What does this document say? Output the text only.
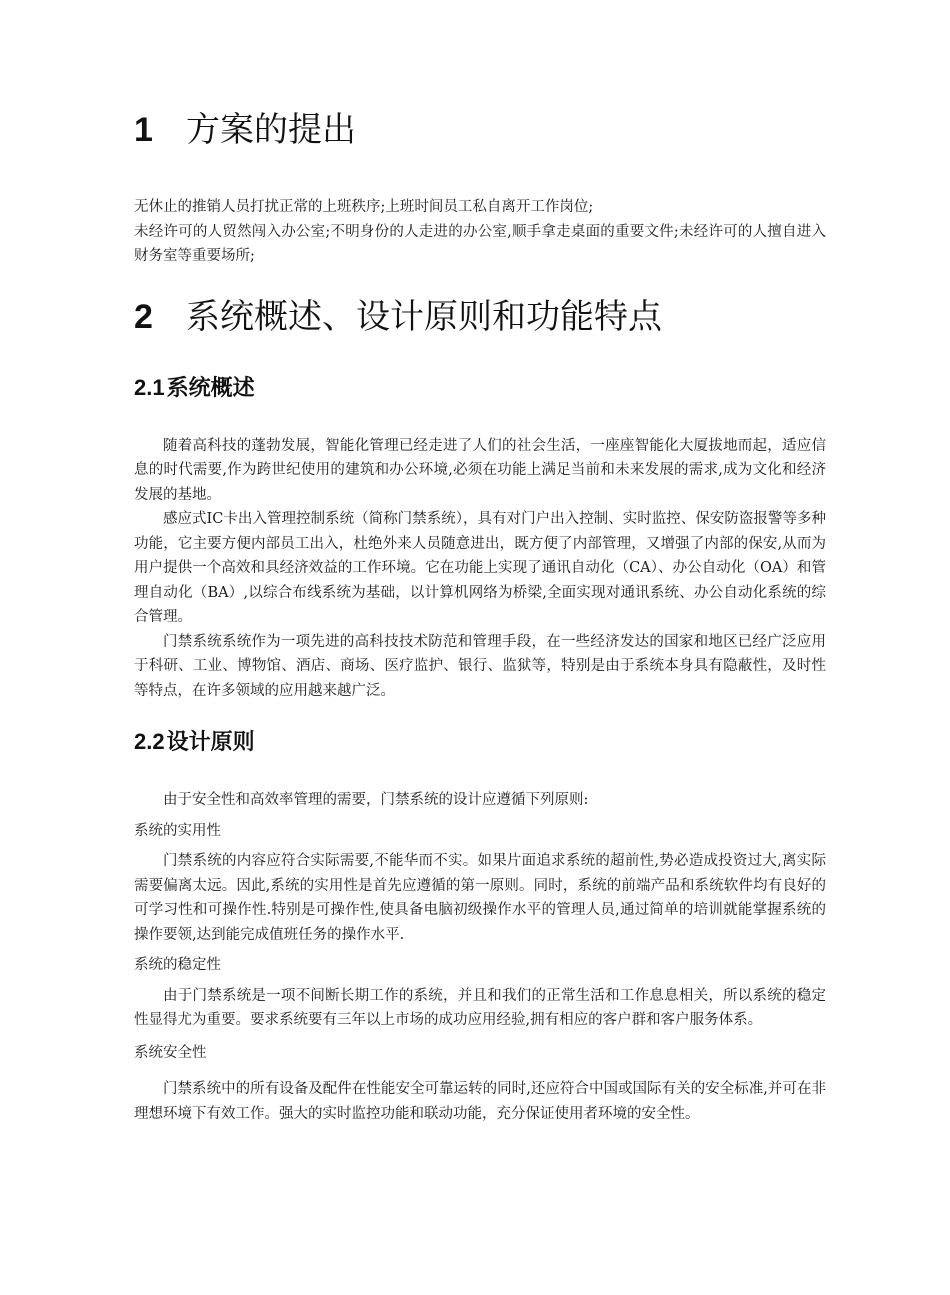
1 方案的提出

无休止的推销人员打扰正常的上班秩序;上班时间员工私自离开工作岗位;

未经许可的人贸然闯入办公室;不明身份的人走进的办公室,顺手拿走桌面的重要文件;未经许可的人擅自进入财务室等重要场所;

2 系统概述、设计原则和功能特点
2.1 系统概述

随着高科技的蓬勃发展，智能化管理已经走进了人们的社会生活，一座座智能化大厦拔地而起，适应信息的时代需要,作为跨世纪使用的建筑和办公环境,必须在功能上满足当前和未来发展的需求,成为文化和经济发展的基地。

感应式IC卡出入管理控制系统（简称门禁系统），具有对门户出入控制、实时监控、保安防盗报警等多种功能，它主要方便内部员工出入，杜绝外来人员随意进出，既方便了内部管理，又增强了内部的保安,从而为用户提供一个高效和具经济效益的工作环境。它在功能上实现了通讯自动化（CA）、办公自动化（OA）和管理自动化（BA）,以综合布线系统为基础，以计算机网络为桥梁,全面实现对通讯系统、办公自动化系统的综合管理。

门禁系统系统作为一项先进的高科技技术防范和管理手段，在一些经济发达的国家和地区已经广泛应用于科研、工业、博物馆、酒店、商场、医疗监护、银行、监狱等，特别是由于系统本身具有隐蔽性，及时性等特点，在许多领域的应用越来越广泛。

2.2 设计原则

由于安全性和高效率管理的需要，门禁系统的设计应遵循下列原则:

系统的实用性

门禁系统的内容应符合实际需要,不能华而不实。如果片面追求系统的超前性,势必造成投资过大,离实际需要偏离太远。因此,系统的实用性是首先应遵循的第一原则。同时，系统的前端产品和系统软件均有良好的可学习性和可操作性.特别是可操作性,使具备电脑初级操作水平的管理人员,通过简单的培训就能掌握系统的操作要领,达到能完成值班任务的操作水平.

系统的稳定性

由于门禁系统是一项不间断长期工作的系统，并且和我们的正常生活和工作息息相关，所以系统的稳定性显得尤为重要。要求系统要有三年以上市场的成功应用经验,拥有相应的客户群和客户服务体系。

系统安全性

门禁系统中的所有设备及配件在性能安全可靠运转的同时,还应符合中国或国际有关的安全标准,并可在非理想环境下有效工作。强大的实时监控功能和联动功能，充分保证使用者环境的安全性。
